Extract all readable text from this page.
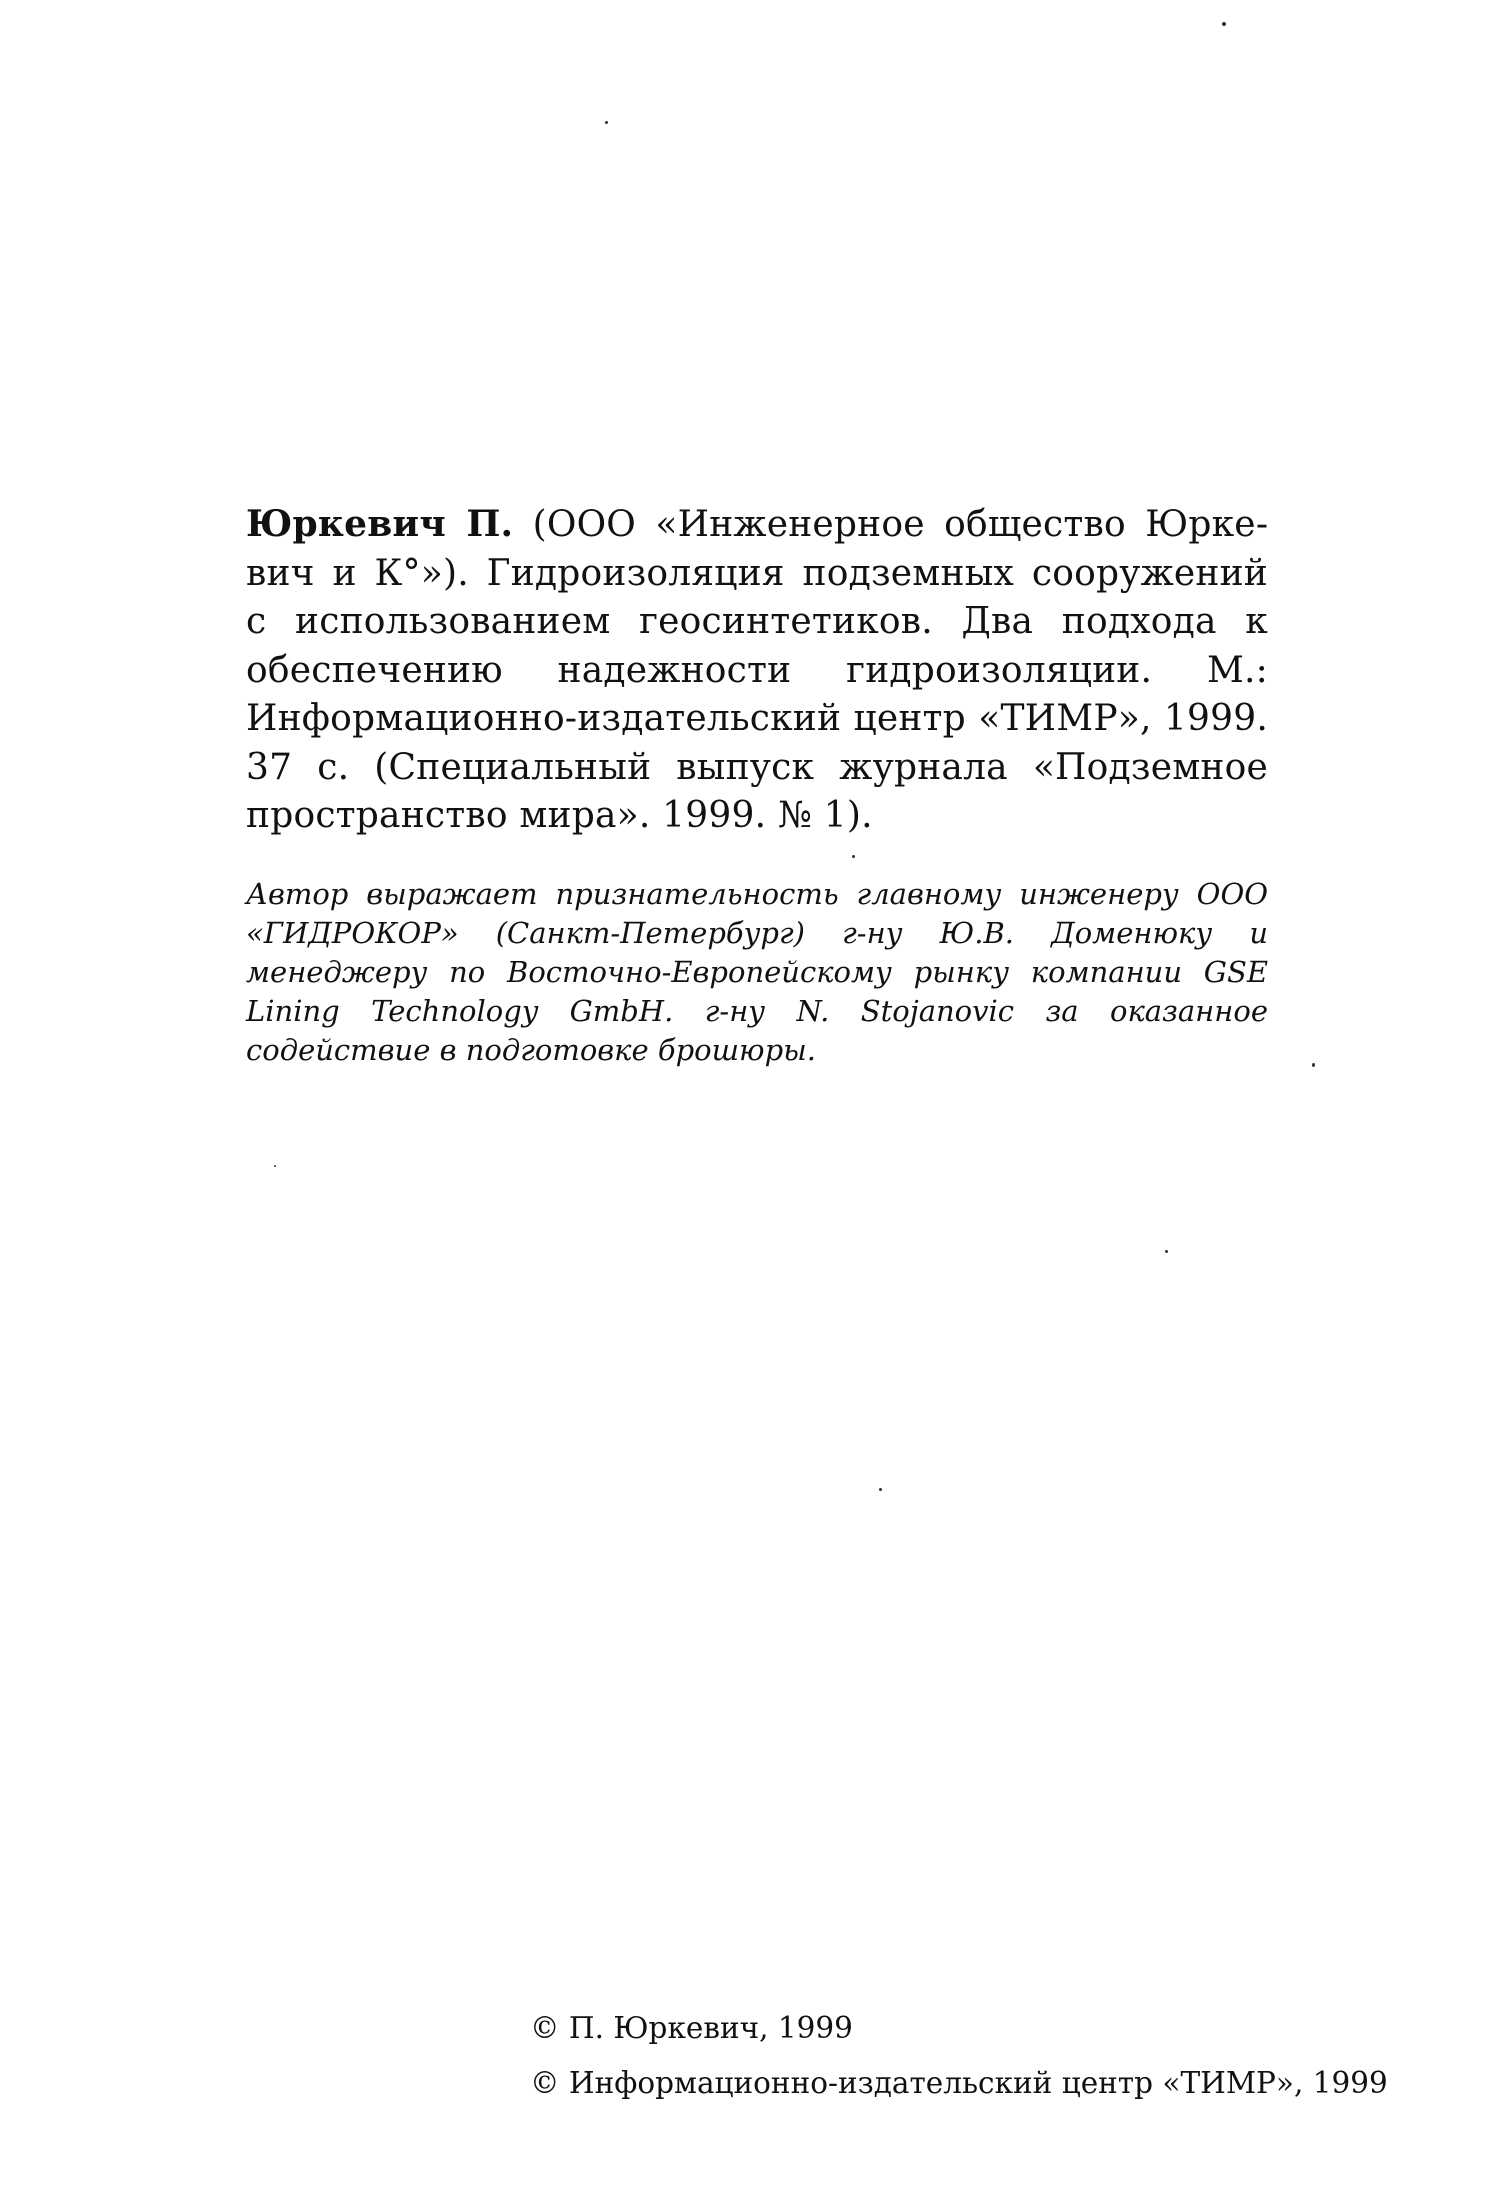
Юркевич П. (ООО «Инженерное общество Юркевич и К°»). Гидроизоляция подземных сооружений с использованием геосинтетиков. Два подхода к обеспечению надежности гидроизоляции. М.: Информационно-издательский центр «ТИМР», 1999. 37 с. (Специальный выпуск журнала «Подземное пространство мира». 1999. № 1).
Автор выражает признательность главному инженеру ООО «ГИДРОКОР» (Санкт-Петербург) г-ну Ю.В. Доменюку и менеджеру по Восточно-Европейскому рынку компании GSE Lining Technology GmbH. г-ну N. Stojanovic за оказанное содействие в подготовке брошюры.
© П. Юркевич, 1999
© Информационно-издательский центр «ТИМР», 1999
